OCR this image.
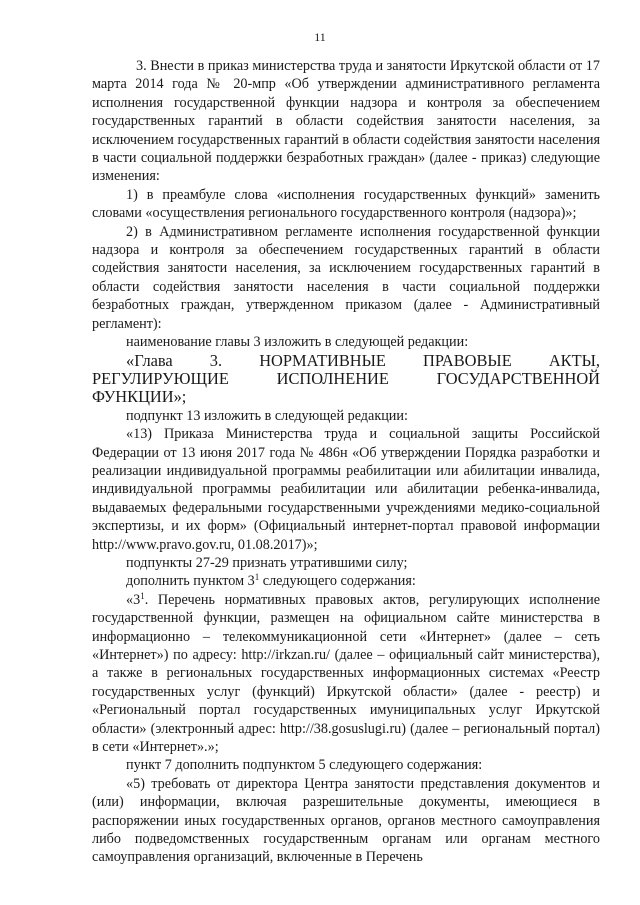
11

3. Внести в приказ министерства труда и занятости Иркутской области от 17 марта 2014 года № 20-мпр «Об утверждении административного регламента исполнения государственной функции надзора и контроля за обеспечением государственных гарантий в области содействия занятости населения, за исключением государственных гарантий в области содействия занятости населения в части социальной поддержки безработных граждан» (далее - приказ) следующие изменения:

1) в преамбуле слова «исполнения государственных функций» заменить словами «осуществления регионального государственного контроля (надзора)»;

2) в Административном регламенте исполнения государственной функции надзора и контроля за обеспечением государственных гарантий в области содействия занятости населения, за исключением государственных гарантий в области содействия занятости населения в части социальной поддержки безработных граждан, утвержденном приказом (далее - Административный регламент):

наименование главы 3 изложить в следующей редакции:

«Глава 3. НОРМАТИВНЫЕ ПРАВОВЫЕ АКТЫ, РЕГУЛИРУЮЩИЕ ИСПОЛНЕНИЕ ГОСУДАРСТВЕННОЙ ФУНКЦИИ»;

подпункт 13 изложить в следующей редакции:

«13) Приказа Министерства труда и социальной защиты Российской Федерации от 13 июня 2017 года № 486н «Об утверждении Порядка разработки и реализации индивидуальной программы реабилитации или абилитации инвалида, индивидуальной программы реабилитации или абилитации ребенка-инвалида, выдаваемых федеральными государственными учреждениями медико-социальной экспертизы, и их форм» (Официальный интернет-портал правовой информации http://www.pravo.gov.ru, 01.08.2017)»;

подпункты 27-29 признать утратившими силу;

дополнить пунктом $3^1$ следующего содержания:

«$3^1$. Перечень нормативных правовых актов, регулирующих исполнение государственной функции, размещен на официальном сайте министерства в информационно – телекоммуникационной сети «Интернет» (далее – сеть «Интернет») по адресу: http://irkzan.ru/ (далее – официальный сайт министерства), а также в региональных государственных информационных системах «Реестр государственных услуг (функций) Иркутской области» (далее - реестр) и «Региональный портал государственных имуниципальных услуг Иркутской области» (электронный адрес: http://38.gosuslugi.ru) (далее – региональный портал) в сети «Интернет».»;

пункт 7 дополнить подпунктом 5 следующего содержания:

«5) требовать от директора Центра занятости представления документов и (или) информации, включая разрешительные документы, имеющиеся в распоряжении иных государственных органов, органов местного самоуправления либо подведомственных государственным органам или органам местного самоуправления организаций, включенные в Перечень
